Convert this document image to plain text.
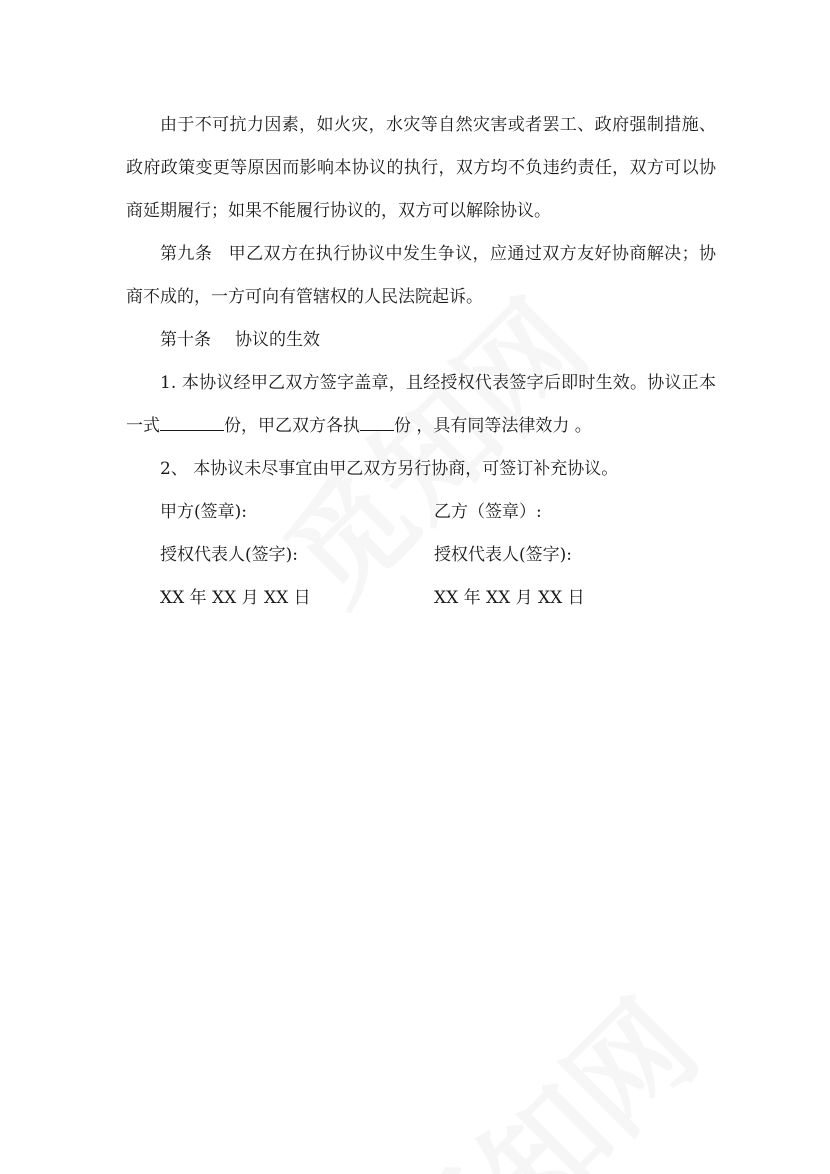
由于不可抗力因素，如火灾，水灾等自然灾害或者罢工、政府强制措施、政府政策变更等原因而影响本协议的执行，双方均不负违约责任，双方可以协商延期履行；如果不能履行协议的，双方可以解除协议。

第九条 甲乙双方在执行协议中发生争议，应通过双方友好协商解决；协商不成的，一方可向有管辖权的人民法院起诉。

第十条 协议的生效

1. 本协议经甲乙双方签字盖章，且经授权代表签字后即时生效。协议正本一式	份，甲乙双方各执 份 ，具有同等法律效力 。

2、 本协议未尽事宜由甲乙双方另行协商，可签订补充协议。

甲方(签章):	乙方（签章）:
授权代表人(签字):	授权代表人(签字):
XX 年 XX 月 XX 日	XX 年 XX 月 XX 日
